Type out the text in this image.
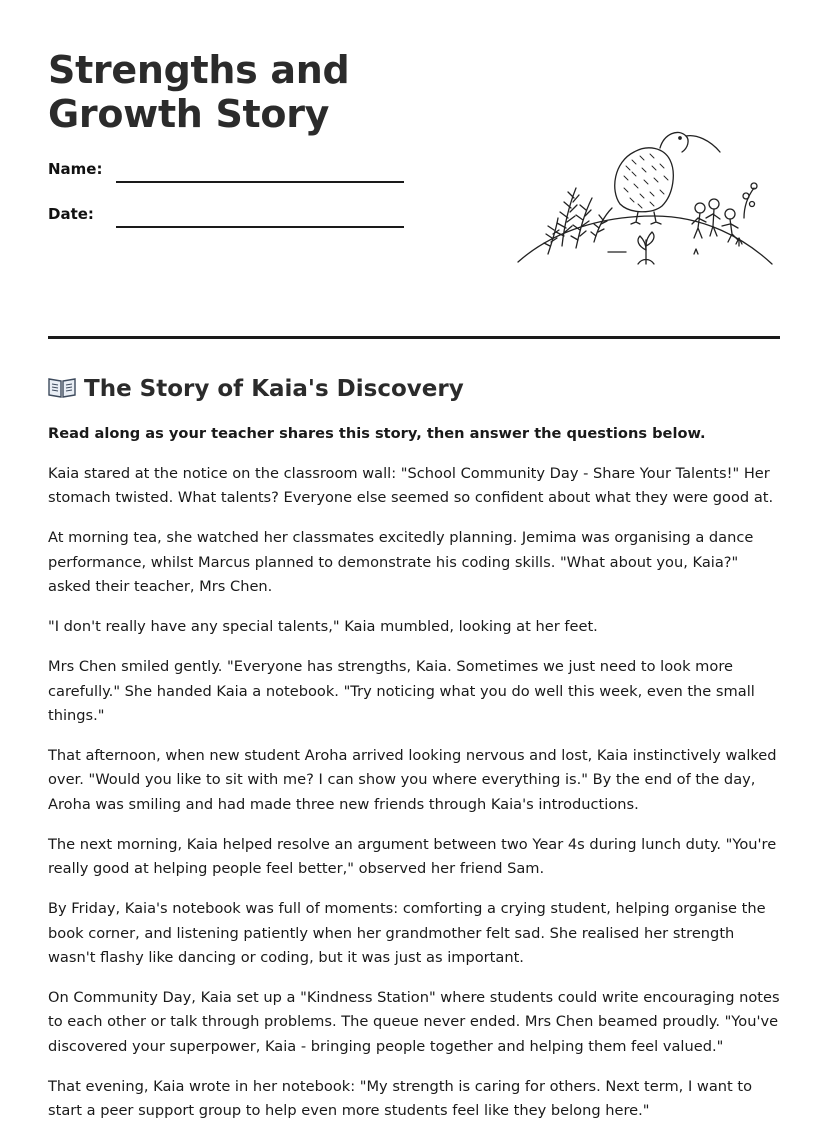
Strengths and Growth Story
Name:
Date:
The Story of Kaia's Discovery

Read along as your teacher shares this story, then answer the questions below.

Kaia stared at the notice on the classroom wall: "School Community Day - Share Your Talents!" Her stomach twisted. What talents? Everyone else seemed so confident about what they were good at.

At morning tea, she watched her classmates excitedly planning. Jemima was organising a dance performance, whilst Marcus planned to demonstrate his coding skills. "What about you, Kaia?" asked their teacher, Mrs Chen.

"I don't really have any special talents," Kaia mumbled, looking at her feet.

Mrs Chen smiled gently. "Everyone has strengths, Kaia. Sometimes we just need to look more carefully." She handed Kaia a notebook. "Try noticing what you do well this week, even the small things."

That afternoon, when new student Aroha arrived looking nervous and lost, Kaia instinctively walked over. "Would you like to sit with me? I can show you where everything is." By the end of the day, Aroha was smiling and had made three new friends through Kaia's introductions.

The next morning, Kaia helped resolve an argument between two Year 4s during lunch duty. "You're really good at helping people feel better," observed her friend Sam.

By Friday, Kaia's notebook was full of moments: comforting a crying student, helping organise the book corner, and listening patiently when her grandmother felt sad. She realised her strength wasn't flashy like dancing or coding, but it was just as important.

On Community Day, Kaia set up a "Kindness Station" where students could write encouraging notes to each other or talk through problems. The queue never ended. Mrs Chen beamed proudly. "You've discovered your superpower, Kaia - bringing people together and helping them feel valued."

That evening, Kaia wrote in her notebook: "My strength is caring for others. Next term, I want to start a peer support group to help even more students feel like they belong here."
